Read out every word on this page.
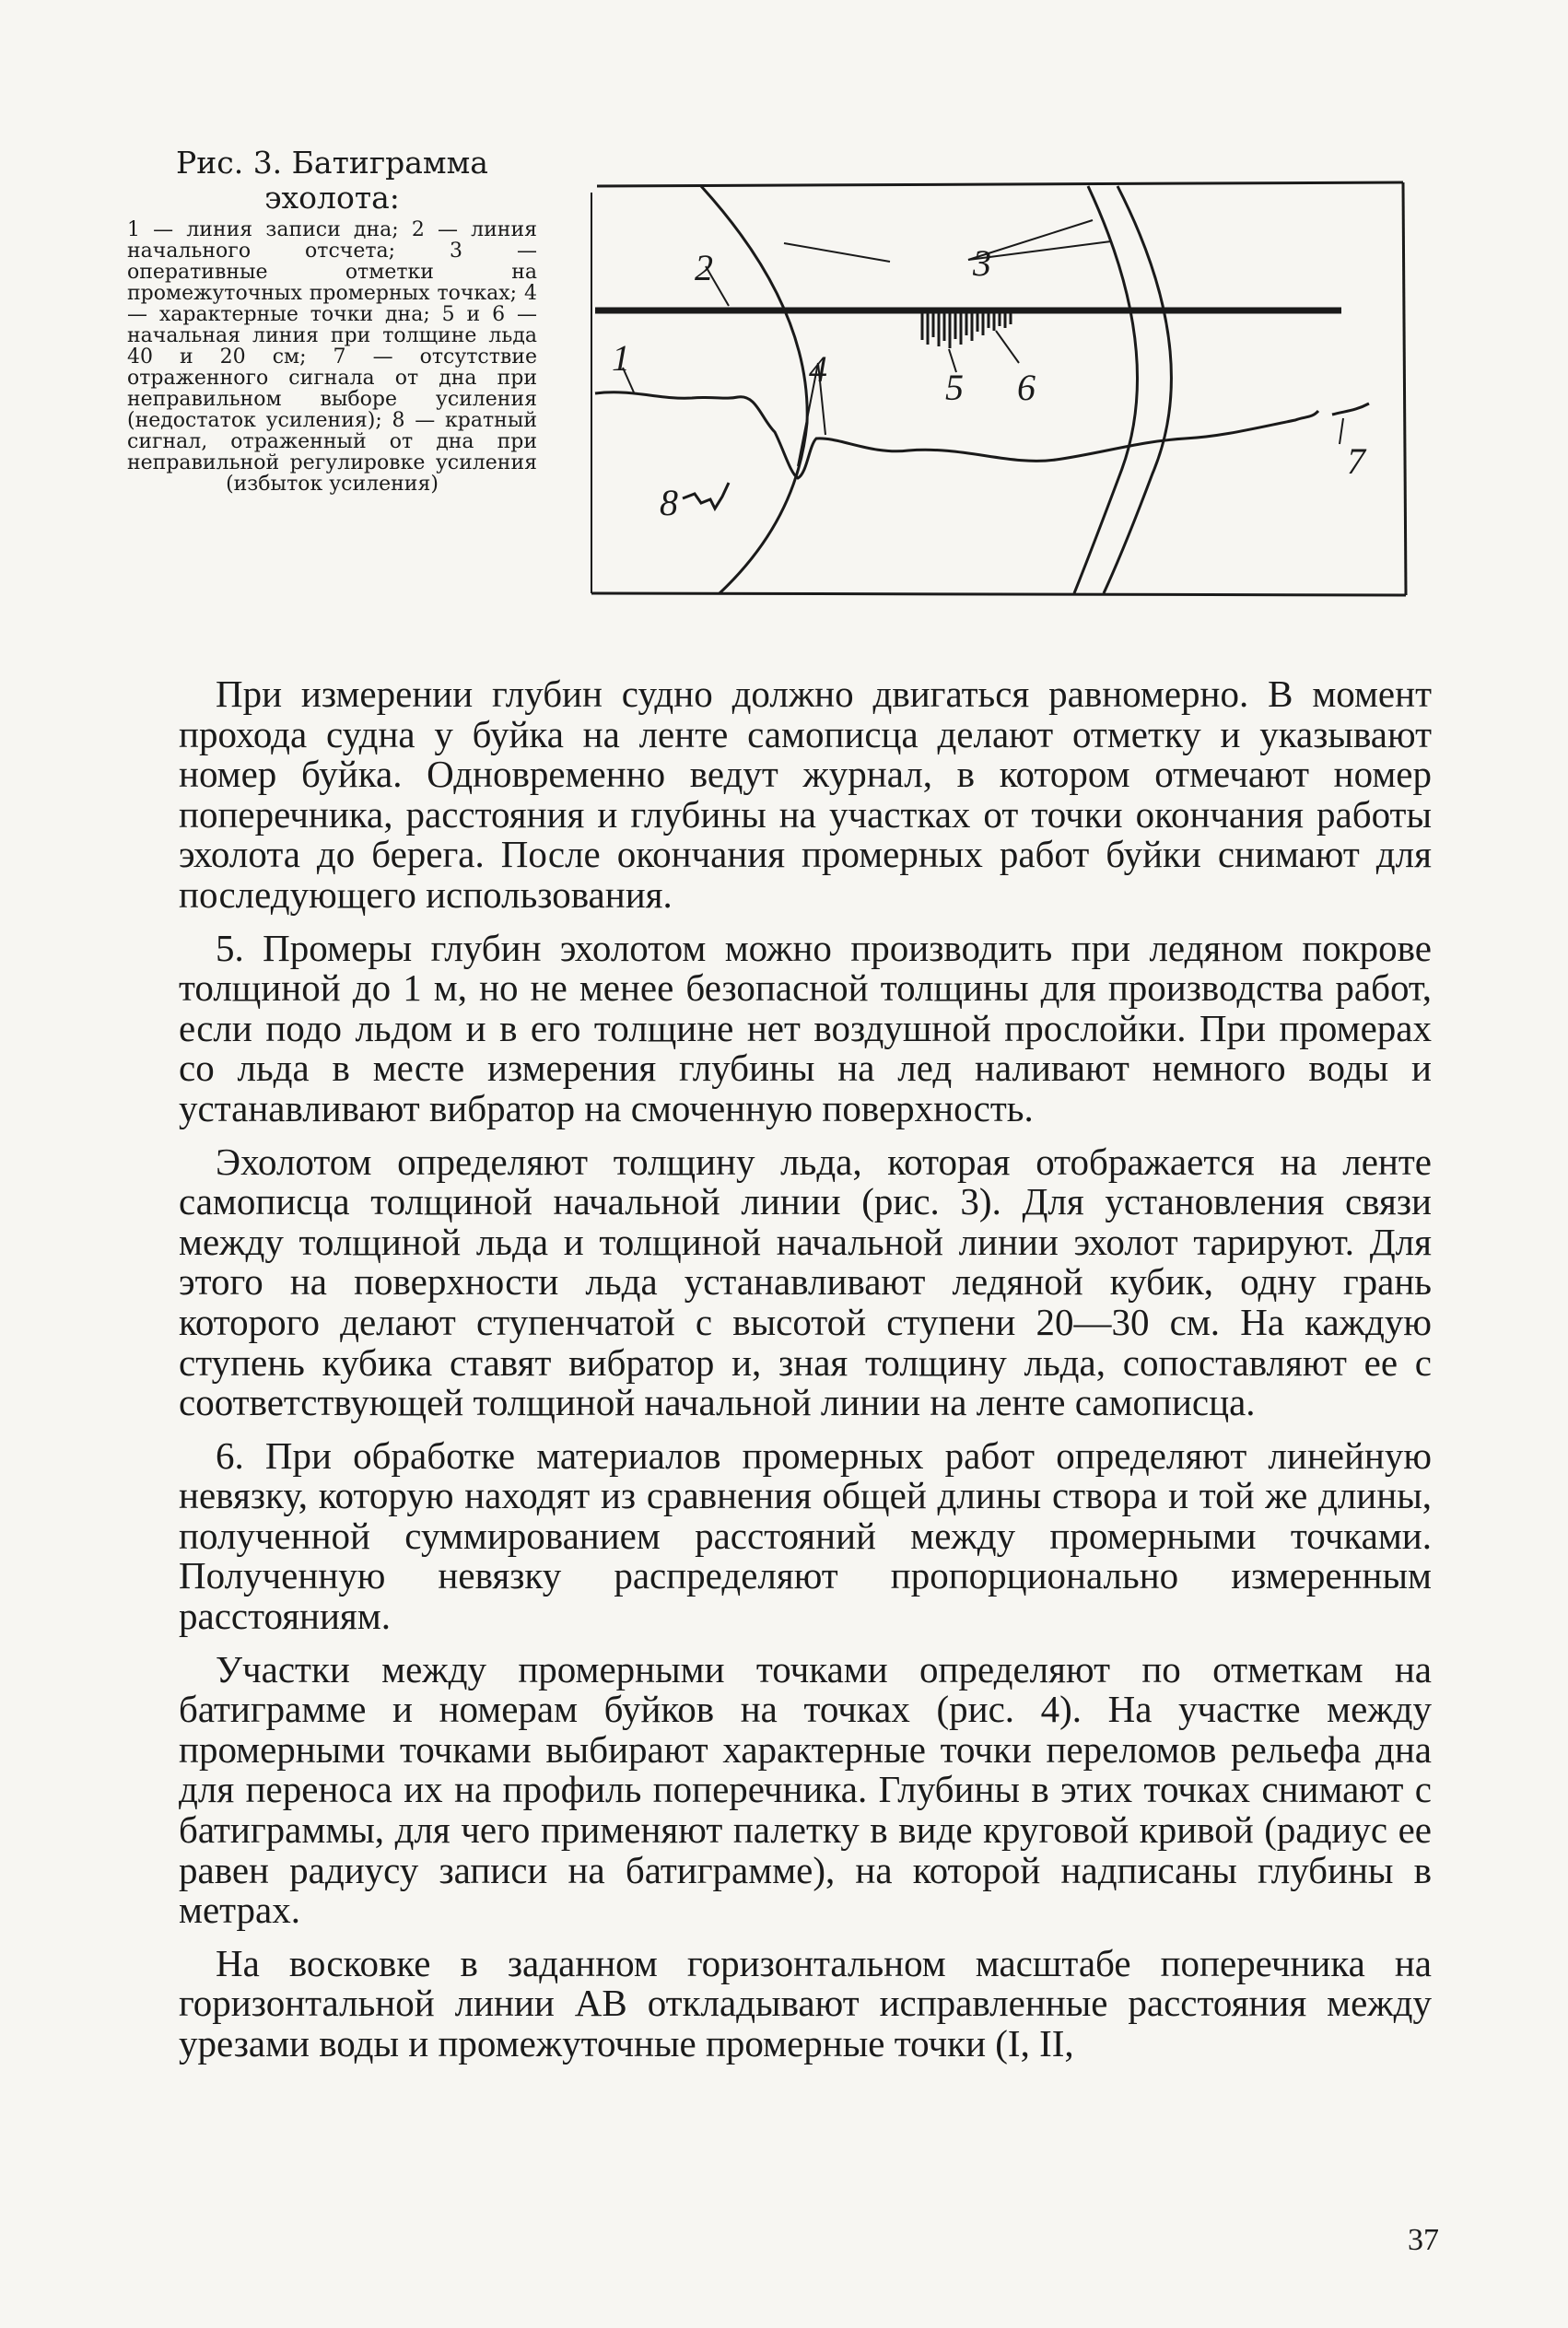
Рис. 3. Батиграмма эхолота:

1 — линия записи дна; 2 — линия начального отсчета; 3 — оперативные отметки на промежуточных промерных точках; 4 — характерные точки дна; 5 и 6 — начальная линия при толщине льда 40 и 20 см; 7 — отсутствие отраженного сигнала от дна при неправильном выборе усиления (недостаток усиления); 8 — кратный сигнал, отраженный от дна при неправильной регулировке усиления (избыток усиления)

2	3
1	4	5 6
7
8

При измерении глубин судно должно двигаться равномерно. В момент прохода судна у буйка на ленте самописца делают отметку и указывают номер буйка. Одновременно ведут журнал, в котором отмечают номер поперечника, расстояния и глубины на участках от точки окончания работы эхолота до берега. После окончания промерных работ буйки снимают для последующего использования.

5. Промеры глубин эхолотом можно производить при ледяном покрове толщиной до 1 м, но не менее безопасной толщины для производства работ, если подо льдом и в его толщине нет воздушной прослойки. При промерах со льда в месте измерения глубины на лед наливают немного воды и устанавливают вибратор на смоченную поверхность.

Эхолотом определяют толщину льда, которая отображается на ленте самописца толщиной начальной линии (рис. 3). Для установления связи между толщиной льда и толщиной начальной линии эхолот тарируют. Для этого на поверхности льда устанавливают ледяной кубик, одну грань которого делают ступенчатой с высотой ступени 20—30 см. На каждую ступень кубика ставят вибратор и, зная толщину льда, сопоставляют ее с соответствующей толщиной начальной линии на ленте самописца.

6. При обработке материалов промерных работ определяют линейную невязку, которую находят из сравнения общей длины створа и той же длины, полученной суммированием расстояний между промерными точками. Полученную невязку распределяют пропорционально измеренным расстояниям.

Участки между промерными точками определяют по отметкам на батиграмме и номерам буйков на точках (рис. 4). На участке между промерными точками выбирают характерные точки переломов рельефа дна для переноса их на профиль поперечника. Глубины в этих точках снимают с батиграммы, для чего применяют палетку в виде круговой кривой (радиус ее равен радиусу записи на батиграмме), на которой надписаны глубины в метрах.

На восковке в заданном горизонтальном масштабе поперечника на горизонтальной линии AB откладывают исправленные расстояния между урезами воды и промежуточные промерные точки (I, II,

37
